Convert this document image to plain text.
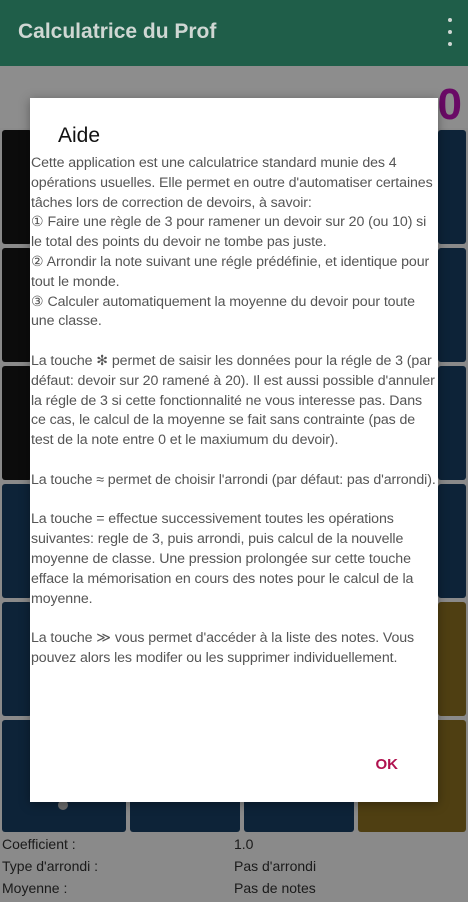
Calculatrice du Prof
0
Coefficient :	1.0
Type d'arrondi :	Pas d'arrondi
Moyenne :	Pas de notes
Aide
Cette application est une calculatrice standard munie des 4 opérations usuelles. Elle permet en outre d'automatiser certaines tâches lors de correction de devoirs, à savoir:
① Faire une règle de 3 pour ramener un devoir sur 20 (ou 10) si le total des points du devoir ne tombe pas juste.
② Arrondir la note suivant une régle prédéfinie, et identique pour tout le monde.
③ Calculer automatiquement la moyenne du devoir pour toute une classe.

La touche ✻ permet de saisir les données pour la régle de 3 (par défaut: devoir sur 20 ramené à 20). Il est aussi possible d'annuler la régle de 3 si cette fonctionnalité ne vous interesse pas. Dans ce cas, le calcul de la moyenne se fait sans contrainte (pas de test de la note entre 0 et le maxiumum du devoir).

La touche ≈ permet de choisir l'arrondi (par défaut: pas d'arrondi).

La touche = effectue successivement toutes les opérations suivantes: regle de 3, puis arrondi, puis calcul de la nouvelle moyenne de classe. Une pression prolongée sur cette touche efface la mémorisation en cours des notes pour le calcul de la moyenne.

La touche ≫ vous permet d'accéder à la liste des notes. Vous pouvez alors les modifer ou les supprimer individuellement.
OK
